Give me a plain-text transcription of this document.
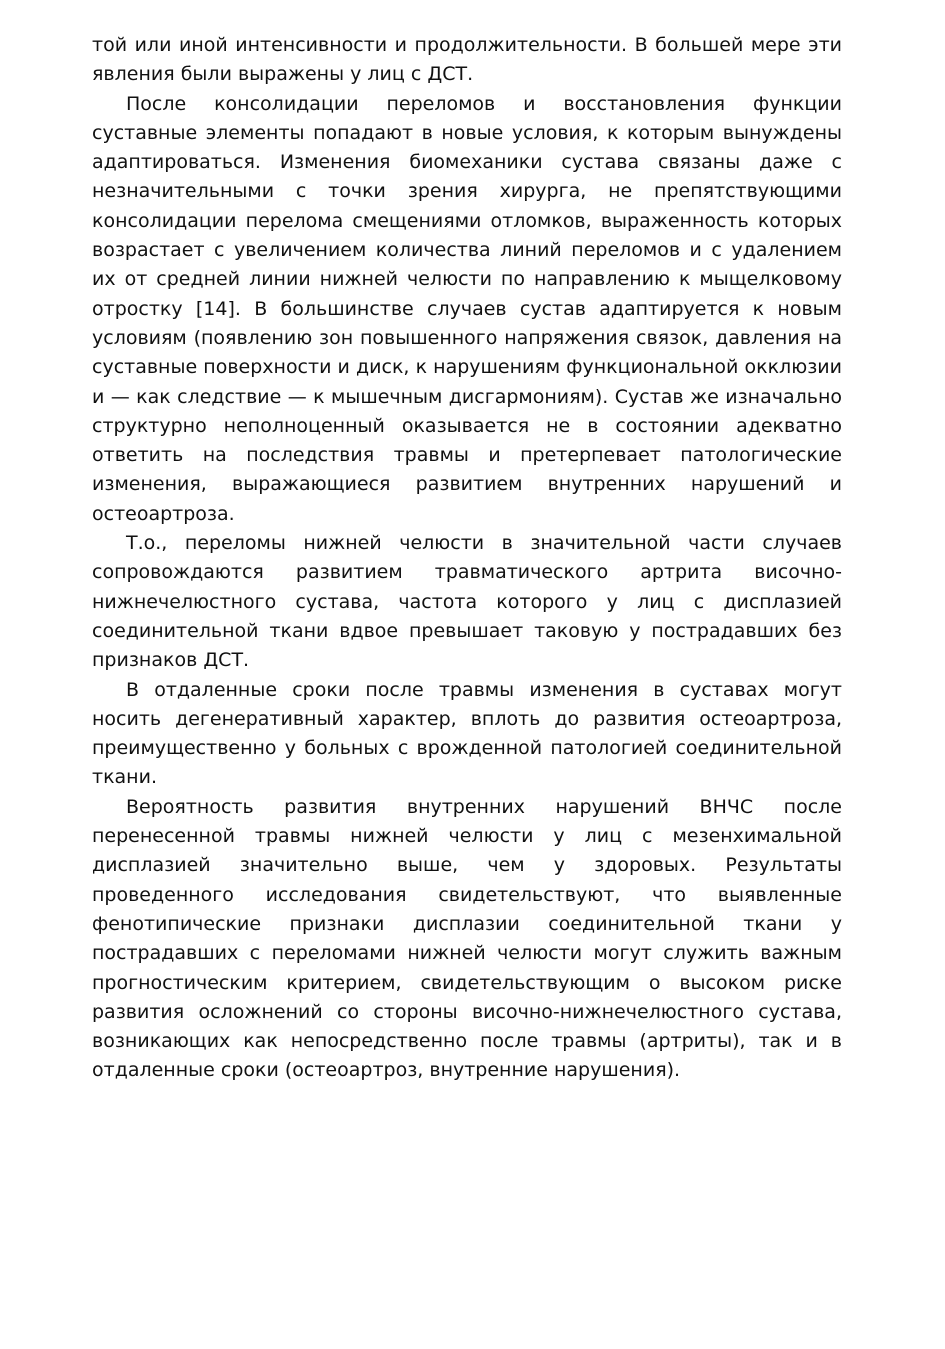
той или иной интенсивности и продолжительности. В большей мере эти явления были выражены у лиц с ДСТ.

После консолидации переломов и восстановления функции суставные элементы попадают в новые условия, к которым вынуждены адаптироваться. Изменения биомеханики сустава связаны даже с незначительными с точки зрения хирурга, не препятствующими консолидации перелома смещениями отломков, выраженность которых возрастает с увеличением количества линий переломов и с удалением их от средней линии нижней челюсти по направлению к мыщелковому отростку [14]. В большинстве случаев сустав адаптируется к новым условиям (появлению зон повышенного напряжения связок, давления на суставные поверхности и диск, к нарушениям функциональной окклюзии и — как следствие — к мышечным дисгармониям). Сустав же изначально структурно неполноценный оказывается не в состоянии адекватно ответить на последствия травмы и претерпевает патологические изменения, выражающиеся развитием внутренних нарушений и остеоартроза.

Т.о., переломы нижней челюсти в значительной части случаев сопровождаются развитием травматического артрита височно-нижнечелюстного сустава, частота которого у лиц с дисплазией соединительной ткани вдвое превышает таковую у пострадавших без признаков ДСТ.

В отдаленные сроки после травмы изменения в суставах могут носить дегенеративный характер, вплоть до развития остеоартроза, преимущественно у больных с врожденной патологией соединительной ткани.

Вероятность развития внутренних нарушений ВНЧС после перенесенной травмы нижней челюсти у лиц с мезенхимальной дисплазией значительно выше, чем у здоровых. Результаты проведенного исследования свидетельствуют, что выявленные фенотипические признаки дисплазии соединительной ткани у пострадавших с переломами нижней челюсти могут служить важным прогностическим критерием, свидетельствующим о высоком риске развития осложнений со стороны височно-нижнечелюстного сустава, возникающих как непосредственно после травмы (артриты), так и в отдаленные сроки (остеоартроз, внутренние нарушения).
